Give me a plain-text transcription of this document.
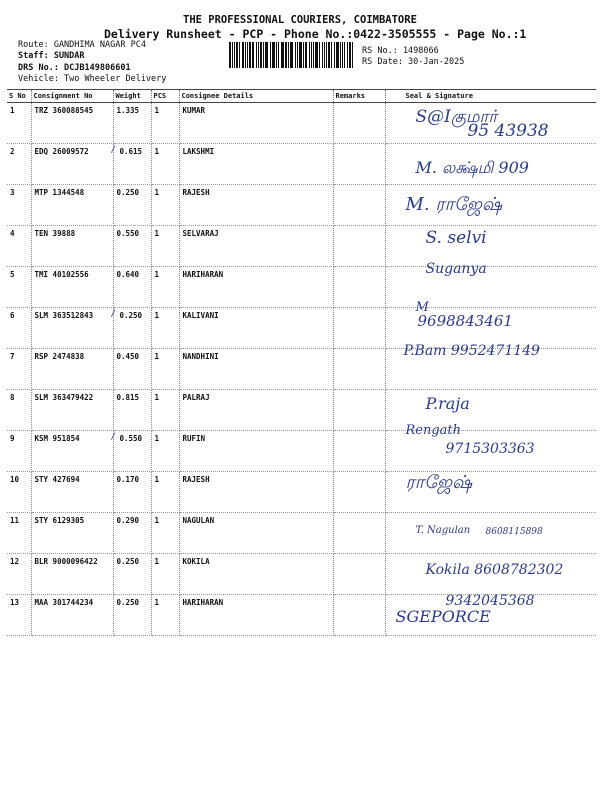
THE PROFESSIONAL COURIERS, COIMBATORE
Delivery Runsheet - PCP - Phone No.:0422-3505555 - Page No.:1
Route: GANDHIMA NAGAR PC4
Staff: SUNDAR
DRS No.: DCJB149806601
Vehicle: Two Wheeler Delivery
RS No.: 1498066
RS Date: 30-Jan-2025
S No	Consignment No	Weight	PCS	Consignee Details	Remarks	Seal & Signature
1	TRZ 360088545	1.335	1	KUMAR		S@Iகுமார்
95 43938

2	EDQ 26009572	/ 0.615	1	LAKSHMI		M. லக்ஷ்மி 909

3	MTP 1344548	0.250	1	RAJESH		M. ராஜேஷ்

4	TEN 39888	0.550	1	SELVARAJ		S. selvi

5	TMI 40102556	0.640	1	HARIHARAN		Suganya

6	SLM 363512843	/ 0.250	1	KALIVANI		M
9698843461

7	RSP 2474838	0.450	1	NANDHINI		P.Bam 9952471149

8	SLM 363479422	0.815	1	PALRAJ		P.raja

9	KSM 951854	/ 0.550	1	RUFIN		Rengath
9715303363

10	STY 427694	0.170	1	RAJESH		ராஜேஷ்

11	STY 6129305	0.290	1	NAGULAN		T. Nagulan 8608115898

12	BLR 9000096422	0.250	1	KOKILA		Kokila 8608782302

13	MAA 301744234	0.250	1	HARIHARAN		9342045368
SGEPORCE
